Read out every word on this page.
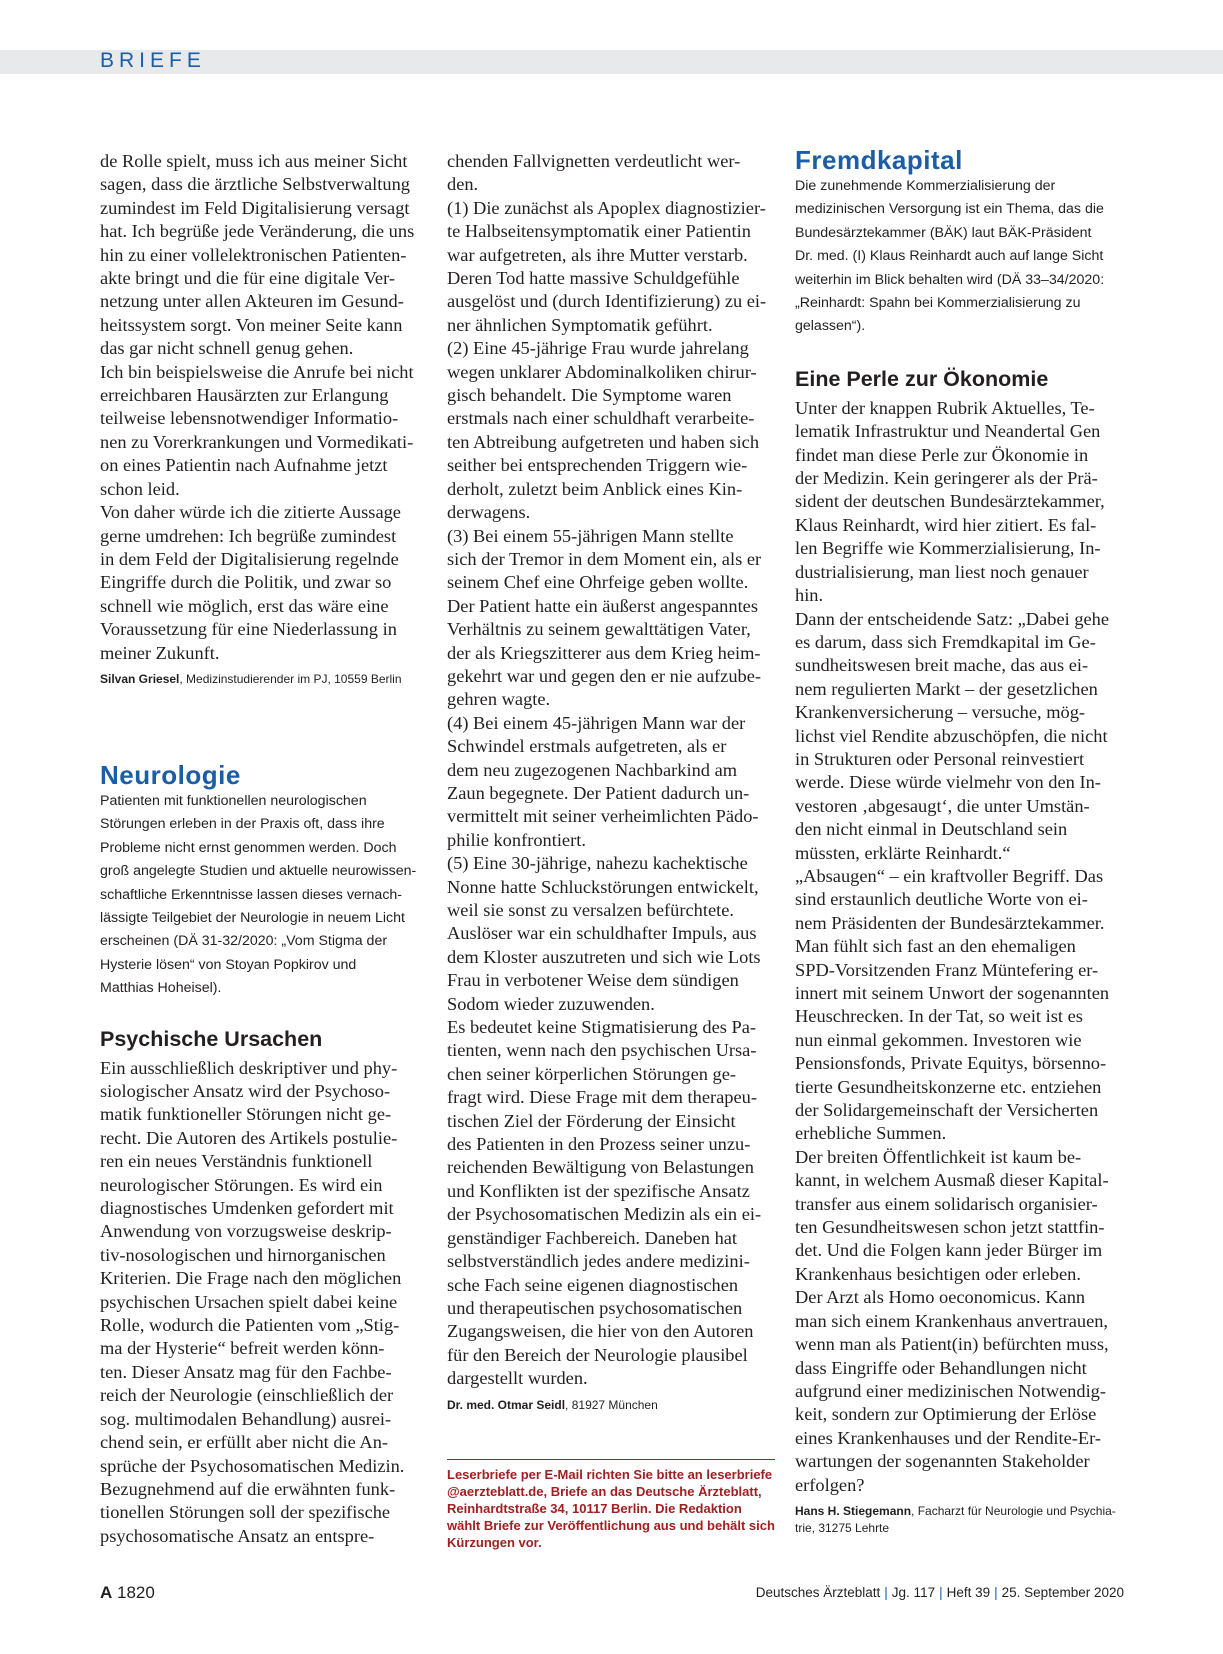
BRIEFE
de Rolle spielt, muss ich aus meiner Sicht
sagen, dass die ärztliche Selbstverwaltung
zumindest im Feld Digitalisierung versagt
hat. Ich begrüße jede Veränderung, die uns
hin zu einer vollelektronischen Patienten-
akte bringt und die für eine digitale Ver-
netzung unter allen Akteuren im Gesund-
heitssystem sorgt. Von meiner Seite kann
das gar nicht schnell genug gehen.
Ich bin beispielsweise die Anrufe bei nicht
erreichbaren Hausärzten zur Erlangung
teilweise lebensnotwendiger Informatio-
nen zu Vorerkrankungen und Vormedikati-
on eines Patientin nach Aufnahme jetzt
schon leid.
Von daher würde ich die zitierte Aussage
gerne umdrehen: Ich begrüße zumindest
in dem Feld der Digitalisierung regelnde
Eingriffe durch die Politik, und zwar so
schnell wie möglich, erst das wäre eine
Voraussetzung für eine Niederlassung in
meiner Zukunft.
Silvan Griesel, Medizinstudierender im PJ, 10559 Berlin
Neurologie
Patienten mit funktionellen neurologischen
Störungen erleben in der Praxis oft, dass ihre
Probleme nicht ernst genommen werden. Doch
groß angelegte Studien und aktuelle neurowissen-
schaftliche Erkenntnisse lassen dieses vernach-
lässigte Teilgebiet der Neurologie in neuem Licht
erscheinen (DÄ 31-32/2020: „Vom Stigma der
Hysterie lösen“ von Stoyan Popkirov und
Matthias Hoheisel).
Psychische Ursachen
Ein ausschließlich deskriptiver und phy-
siologischer Ansatz wird der Psychoso-
matik funktioneller Störungen nicht ge-
recht. Die Autoren des Artikels postulie-
ren ein neues Verständnis funktionell
neurologischer Störungen. Es wird ein
diagnostisches Umdenken gefordert mit
Anwendung von vorzugsweise deskrip-
tiv-nosologischen und hirnorganischen
Kriterien. Die Frage nach den möglichen
psychischen Ursachen spielt dabei keine
Rolle, wodurch die Patienten vom „Stig-
ma der Hysterie“ befreit werden könn-
ten. Dieser Ansatz mag für den Fachbe-
reich der Neurologie (einschließlich der
sog. multimodalen Behandlung) ausrei-
chend sein, er erfüllt aber nicht die An-
sprüche der Psychosomatischen Medizin.
Bezugnehmend auf die erwähnten funk-
tionellen Störungen soll der spezifische
psychosomatische Ansatz an entspre-
chenden Fallvignetten verdeutlicht wer-
den.
(1) Die zunächst als Apoplex diagnostizier-
te Halbseitensymptomatik einer Patientin
war aufgetreten, als ihre Mutter verstarb.
Deren Tod hatte massive Schuldgefühle
ausgelöst und (durch Identifizierung) zu ei-
ner ähnlichen Symptomatik geführt.
(2) Eine 45-jährige Frau wurde jahrelang
wegen unklarer Abdominalkoliken chirur-
gisch behandelt. Die Symptome waren
erstmals nach einer schuldhaft verarbeite-
ten Abtreibung aufgetreten und haben sich
seither bei entsprechenden Triggern wie-
derholt, zuletzt beim Anblick eines Kin-
derwagens.
(3) Bei einem 55-jährigen Mann stellte
sich der Tremor in dem Moment ein, als er
seinem Chef eine Ohrfeige geben wollte.
Der Patient hatte ein äußerst angespanntes
Verhältnis zu seinem gewalttätigen Vater,
der als Kriegszitterer aus dem Krieg heim-
gekehrt war und gegen den er nie aufzube-
gehren wagte.
(4) Bei einem 45-jährigen Mann war der
Schwindel erstmals aufgetreten, als er
dem neu zugezogenen Nachbarkind am
Zaun begegnete. Der Patient dadurch un-
vermittelt mit seiner verheimlichten Pädo-
philie konfrontiert.
(5) Eine 30-jährige, nahezu kachektische
Nonne hatte Schluckstörungen entwickelt,
weil sie sonst zu versalzen befürchtete.
Auslöser war ein schuldhafter Impuls, aus
dem Kloster auszutreten und sich wie Lots
Frau in verbotener Weise dem sündigen
Sodom wieder zuzuwenden.
Es bedeutet keine Stigmatisierung des Pa-
tienten, wenn nach den psychischen Ursa-
chen seiner körperlichen Störungen ge-
fragt wird. Diese Frage mit dem therapeu-
tischen Ziel der Förderung der Einsicht
des Patienten in den Prozess seiner unzu-
reichenden Bewältigung von Belastungen
und Konflikten ist der spezifische Ansatz
der Psychosomatischen Medizin als ein ei-
genständiger Fachbereich. Daneben hat
selbstverständlich jedes andere medizini-
sche Fach seine eigenen diagnostischen
und therapeutischen psychosomatischen
Zugangsweisen, die hier von den Autoren
für den Bereich der Neurologie plausibel
dargestellt wurden.
Dr. med. Otmar Seidl, 81927 München
Leserbriefe per E-Mail richten Sie bitte an leserbriefe
@aerzteblatt.de, Briefe an das Deutsche Ärzteblatt,
Reinhardtstraße 34, 10117 Berlin. Die Redaktion
wählt Briefe zur Veröffentlichung aus und behält sich
Kürzungen vor.
Fremdkapital
Die zunehmende Kommerzialisierung der
medizinischen Versorgung ist ein Thema, das die
Bundesärztekammer (BÄK) laut BÄK-Präsident
Dr. med. (I) Klaus Reinhardt auch auf lange Sicht
weiterhin im Blick behalten wird (DÄ 33–34/2020:
„Reinhardt: Spahn bei Kommerzialisierung zu
gelassen“).
Eine Perle zur Ökonomie
Unter der knappen Rubrik Aktuelles, Te-
lematik Infrastruktur und Neandertal Gen
findet man diese Perle zur Ökonomie in
der Medizin. Kein geringerer als der Prä-
sident der deutschen Bundesärztekammer,
Klaus Reinhardt, wird hier zitiert. Es fal-
len Begriffe wie Kommerzialisierung, In-
dustrialisierung, man liest noch genauer
hin.
Dann der entscheidende Satz: „Dabei gehe
es darum, dass sich Fremdkapital im Ge-
sundheitswesen breit mache, das aus ei-
nem regulierten Markt – der gesetzlichen
Krankenversicherung – versuche, mög-
lichst viel Rendite abzuschöpfen, die nicht
in Strukturen oder Personal reinvestiert
werde. Diese würde vielmehr von den In-
vestoren ‚abgesaugt‘, die unter Umstän-
den nicht einmal in Deutschland sein
müssten, erklärte Reinhardt.“
„Absaugen“ – ein kraftvoller Begriff. Das
sind erstaunlich deutliche Worte von ei-
nem Präsidenten der Bundesärztekammer.
Man fühlt sich fast an den ehemaligen
SPD-Vorsitzenden Franz Müntefering er-
innert mit seinem Unwort der sogenannten
Heuschrecken. In der Tat, so weit ist es
nun einmal gekommen. Investoren wie
Pensionsfonds, Private Equitys, börsenno-
tierte Gesundheitskonzerne etc. entziehen
der Solidargemeinschaft der Versicherten
erhebliche Summen.
Der breiten Öffentlichkeit ist kaum be-
kannt, in welchem Ausmaß dieser Kapital-
transfer aus einem solidarisch organisier-
ten Gesundheitswesen schon jetzt stattfin-
det. Und die Folgen kann jeder Bürger im
Krankenhaus besichtigen oder erleben.
Der Arzt als Homo oeconomicus. Kann
man sich einem Krankenhaus anvertrauen,
wenn man als Patient(in) befürchten muss,
dass Eingriffe oder Behandlungen nicht
aufgrund einer medizinischen Notwendig-
keit, sondern zur Optimierung der Erlöse
eines Krankenhauses und der Rendite-Er-
wartungen der sogenannten Stakeholder
erfolgen?
Hans H. Stiegemann, Facharzt für Neurologie und Psychia-
trie, 31275 Lehrte
A 1820	Deutsches Ärzteblatt | Jg. 117 | Heft 39 | 25. September 2020
